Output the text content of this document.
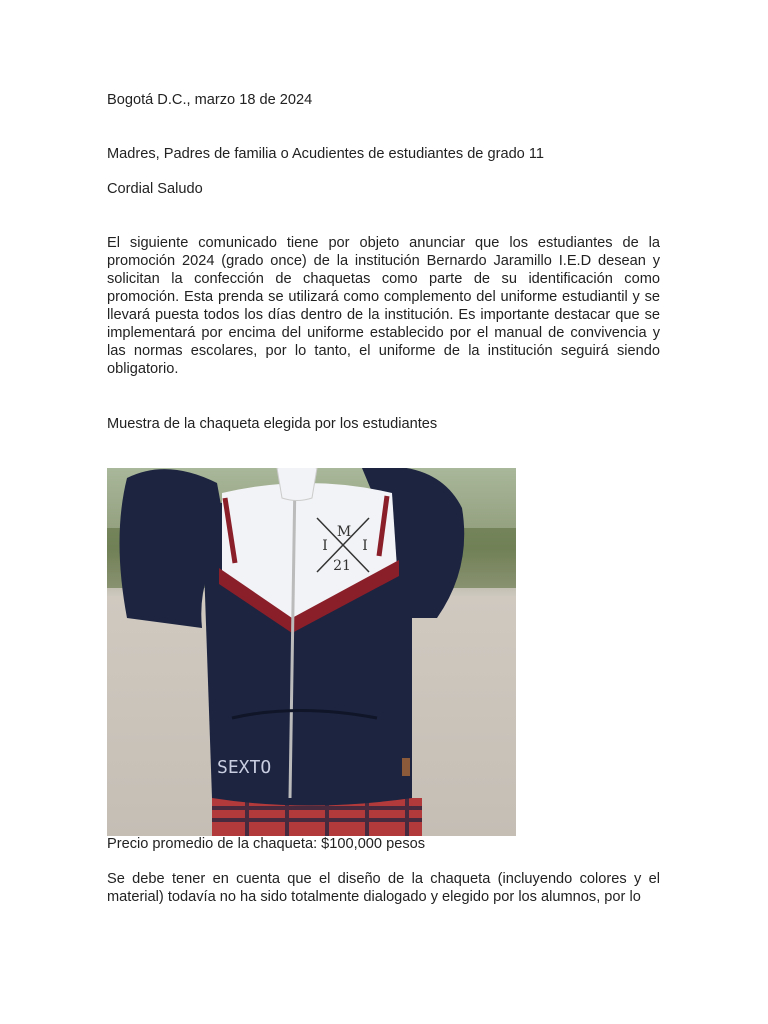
Bogotá D.C., marzo 18 de 2024

Madres, Padres de familia o Acudientes de estudiantes de grado 11

Cordial Saludo

El siguiente comunicado tiene por objeto anunciar que los estudiantes de la promoción 2024 (grado once) de la institución Bernardo Jaramillo I.E.D desean y solicitan la confección de chaquetas como parte de su identificación como promoción. Esta prenda se utilizará como complemento del uniforme estudiantil y se llevará puesta todos los días dentro de la institución. Es importante destacar que se implementará por encima del uniforme establecido por el manual de convivencia y las normas escolares, por lo tanto, el uniforme de la institución seguirá siendo obligatorio.

Muestra de la chaqueta elegida por los estudiantes

M
I I
21
SEXTO

Precio promedio de la chaqueta: $100,000 pesos

Se debe tener en cuenta que el diseño de la chaqueta (incluyendo colores y el material) todavía no ha sido totalmente dialogado y elegido por los alumnos, por lo
